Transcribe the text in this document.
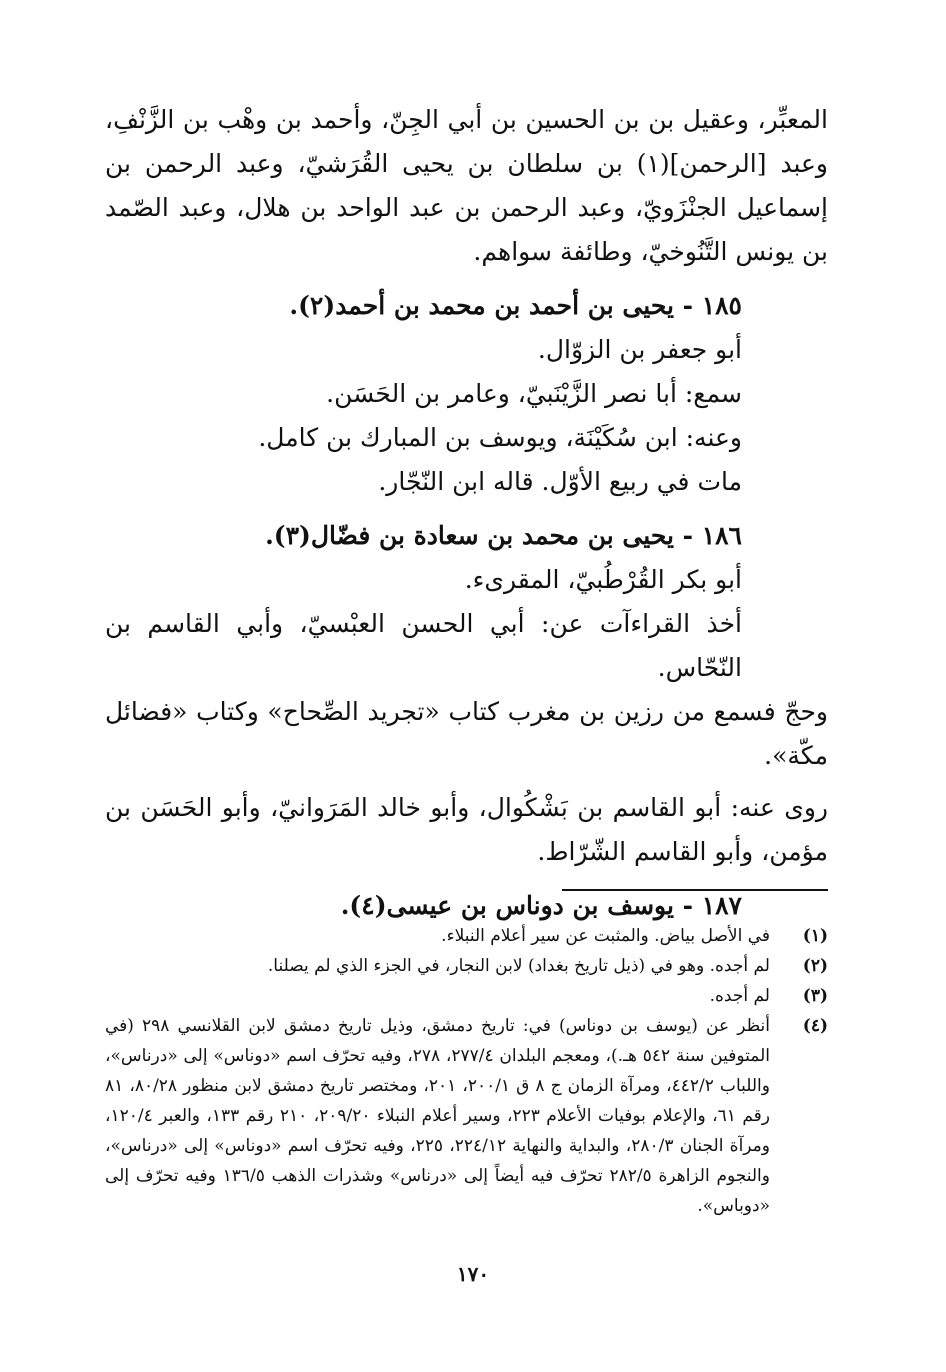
المعبِّر، وعقيل بن بن الحسين بن أبي الجِنّ، وأحمد بن وهْب بن الزَّنْفِ، وعبد [الرحمن](١) بن سلطان بن يحيى القُرَشيّ، وعبد الرحمن بن إسماعيل الجنْزَويّ، وعبد الرحمن بن عبد الواحد بن هلال، وعبد الصّمد بن يونس التَّنُوخيّ، وطائفة سواهم.

١٨٥ - يحيى بن أحمد بن محمد بن أحمد(٢).

أبو جعفر بن الزوّال.

سمع: أبا نصر الزَّيْنَبيّ، وعامر بن الحَسَن.

وعنه: ابن سُكَيْنَة، ويوسف بن المبارك بن كامل.

مات في ربيع الأوّل. قاله ابن النّجّار.

١٨٦ - يحيى بن محمد بن سعادة بن فضّال(٣).

أبو بكر القُرْطُبيّ، المقرىء.

أخذ القراءآت عن: أبي الحسن العبْسيّ، وأبي القاسم بن النّحّاس.

وحجّ فسمع من رزين بن مغرب كتاب «تجريد الصِّحاح» وكتاب «فضائل مكّة».

روى عنه: أبو القاسم بن بَشْكُوال، وأبو خالد المَرَوانيّ، وأبو الحَسَن بن مؤمن، وأبو القاسم الشّرّاط.

١٨٧ - يوسف بن دوناس بن عيسى(٤).

(١)
في الأصل بياض. والمثبت عن سير أعلام النبلاء.
(٢)
لم أجده. وهو في (ذيل تاريخ بغداد) لابن النجار، في الجزء الذي لم يصلنا.
(٣)
لم أجده.
(٤)
أنظر عن (يوسف بن دوناس) في: تاريخ دمشق، وذيل تاريخ دمشق لابن القلانسي ٢٩٨ (في المتوفين سنة ٥٤٢ هـ.)، ومعجم البلدان ٢٧٧/٤، ٢٧٨، وفيه تحرّف اسم «دوناس» إلى «درناس»، واللباب ٤٤٢/٢، ومرآة الزمان ج ٨ ق ٢٠٠/١، ٢٠١، ومختصر تاريخ دمشق لابن منظور ٨٠/٢٨، ٨١ رقم ٦١، والإعلام بوفيات الأعلام ٢٢٣، وسير أعلام النبلاء ٢٠٩/٢٠، ٢١٠ رقم ١٣٣، والعبر ١٢٠/٤، ومرآة الجنان ٢٨٠/٣، والبداية والنهاية ٢٢٤/١٢، ٢٢٥، وفيه تحرّف اسم «دوناس» إلى «درناس»، والنجوم الزاهرة ٢٨٢/٥ تحرّف فيه أيضاً إلى «درناس» وشذرات الذهب ١٣٦/٥ وفيه تحرّف إلى «دوباس».
١٧٠
